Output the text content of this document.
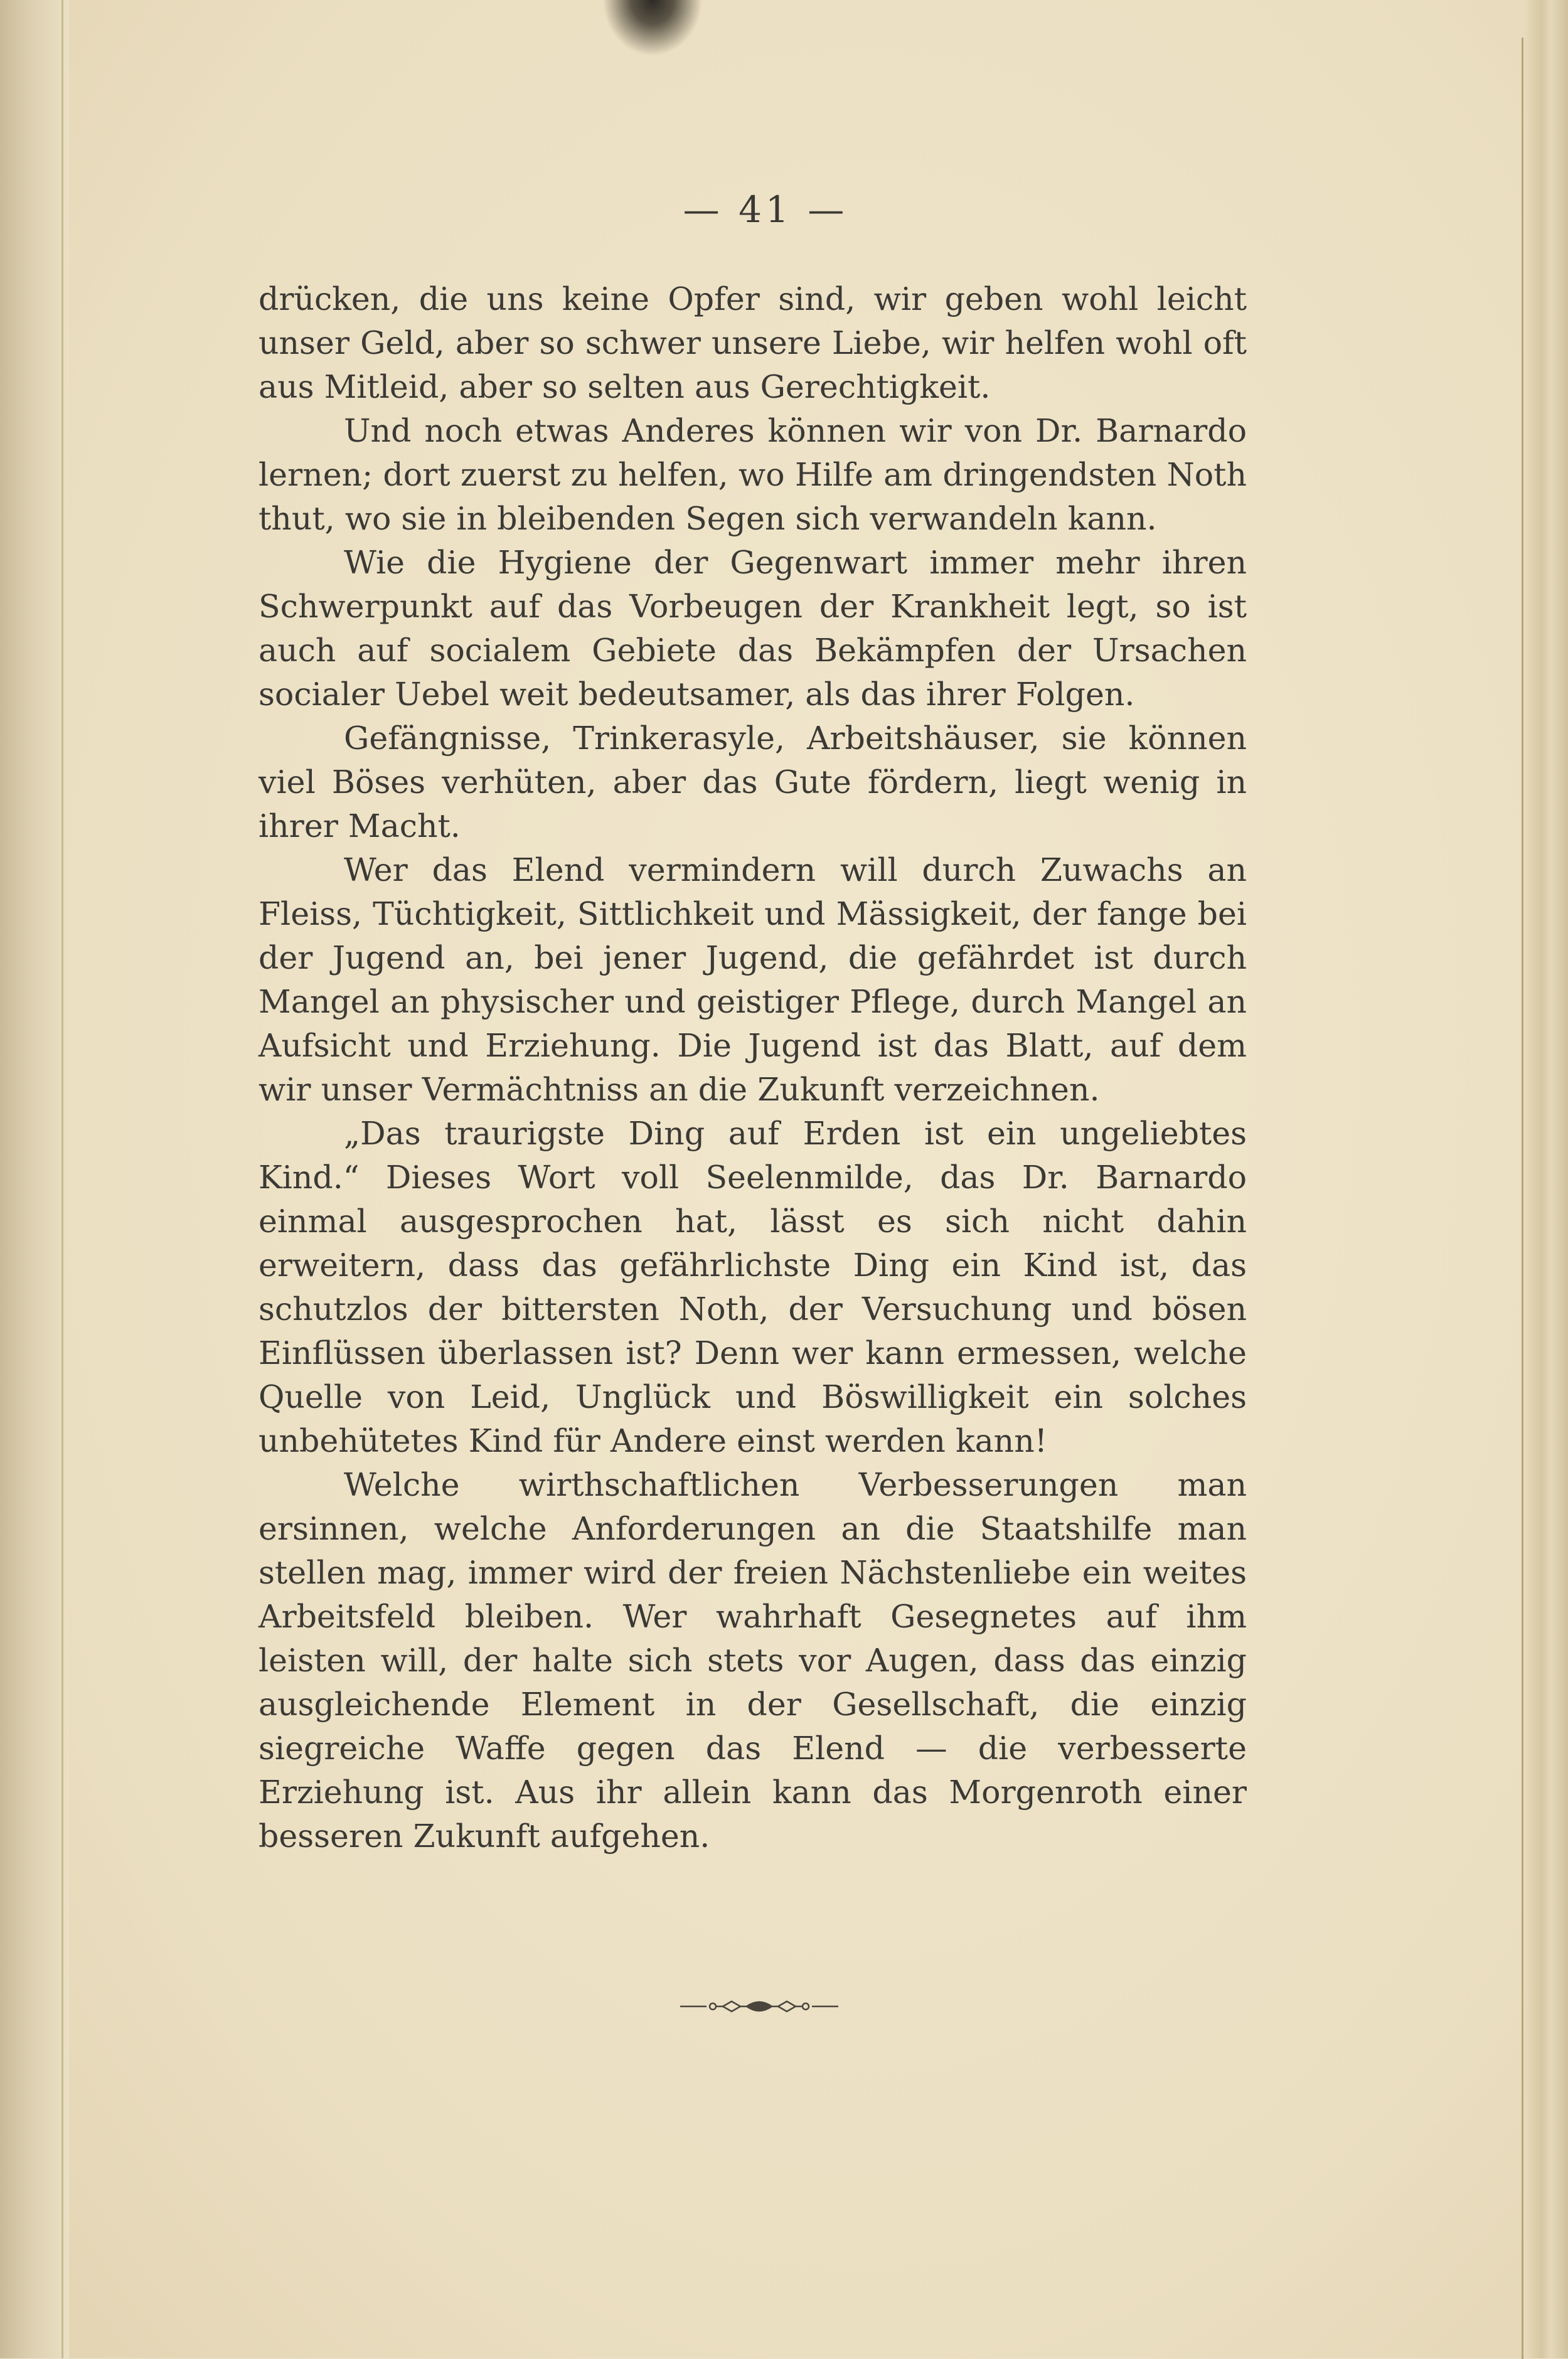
— 41 —

drücken, die uns keine Opfer sind, wir geben wohl leicht unser Geld, aber so schwer unsere Liebe, wir helfen wohl oft aus Mitleid, aber so selten aus Gerechtigkeit.

Und noch etwas Anderes können wir von Dr. Barnardo lernen; dort zuerst zu helfen, wo Hilfe am dringendsten Noth thut, wo sie in bleibenden Segen sich verwandeln kann.

Wie die Hygiene der Gegenwart immer mehr ihren Schwerpunkt auf das Vorbeugen der Krankheit legt, so ist auch auf socialem Gebiete das Bekämpfen der Ursachen socialer Uebel weit bedeutsamer, als das ihrer Folgen.

Gefängnisse, Trinkerasyle, Arbeitshäuser, sie können viel Böses verhüten, aber das Gute fördern, liegt wenig in ihrer Macht.

Wer das Elend vermindern will durch Zuwachs an Fleiss, Tüchtigkeit, Sittlichkeit und Mässigkeit, der fange bei der Jugend an, bei jener Jugend, die gefährdet ist durch Mangel an physischer und geistiger Pflege, durch Mangel an Aufsicht und Erziehung. Die Jugend ist das Blatt, auf dem wir unser Vermächtniss an die Zukunft verzeichnen.

„Das traurigste Ding auf Erden ist ein ungeliebtes Kind.“ Dieses Wort voll Seelenmilde, das Dr. Barnardo einmal ausgesprochen hat, lässt es sich nicht dahin erweitern, dass das gefährlichste Ding ein Kind ist, das schutzlos der bittersten Noth, der Versuchung und bösen Einflüssen überlassen ist? Denn wer kann ermessen, welche Quelle von Leid, Unglück und Böswilligkeit ein solches unbehütetes Kind für Andere einst werden kann!

Welche wirthschaftlichen Verbesserungen man ersinnen, welche Anforderungen an die Staatshilfe man stellen mag, immer wird der freien Nächstenliebe ein weites Arbeitsfeld bleiben. Wer wahrhaft Gesegnetes auf ihm leisten will, der halte sich stets vor Augen, dass das einzig ausgleichende Element in der Gesellschaft, die einzig siegreiche Waffe gegen das Elend — die verbesserte Erziehung ist. Aus ihr allein kann das Morgenroth einer besseren Zukunft aufgehen.
